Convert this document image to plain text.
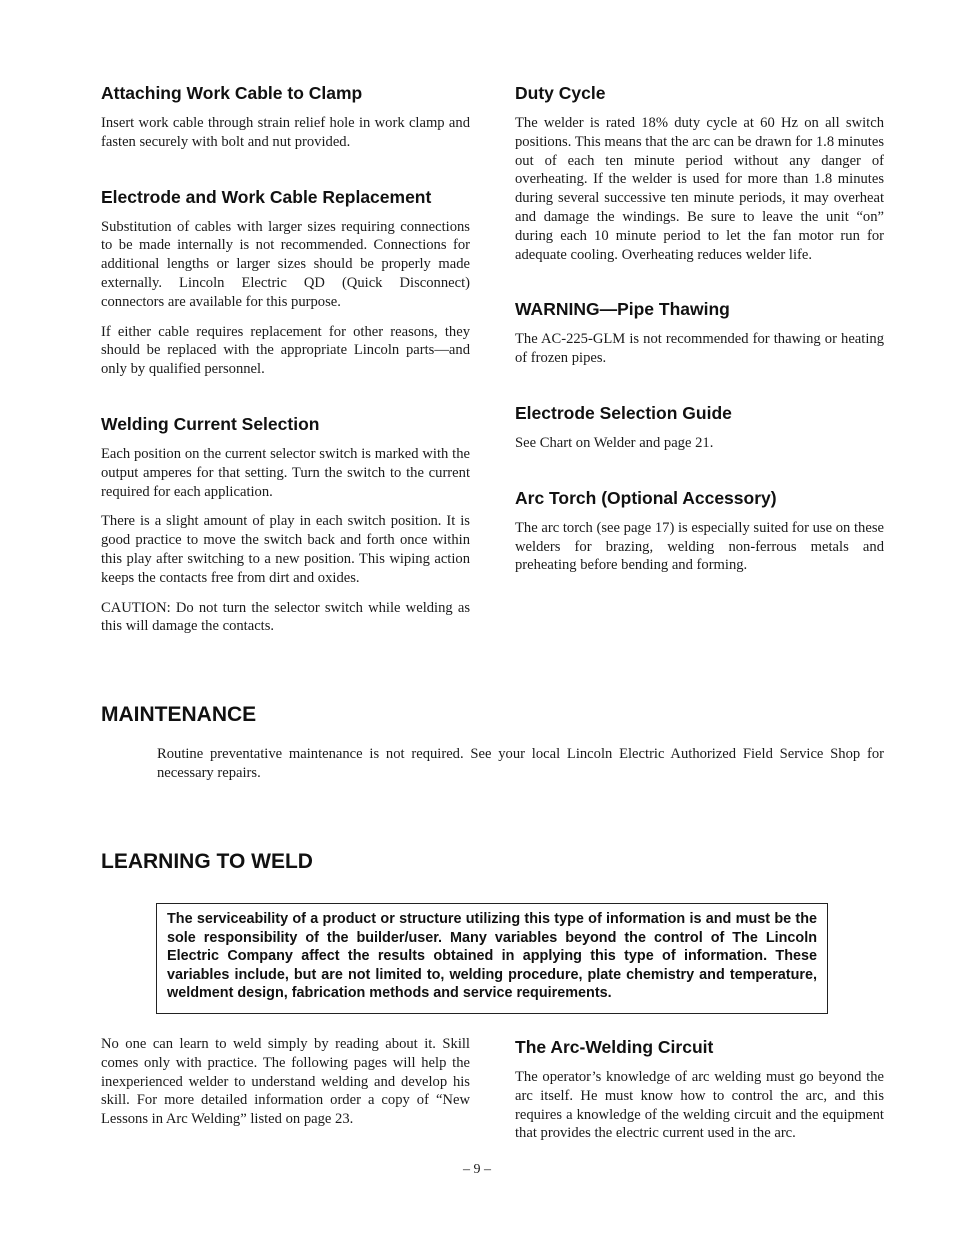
Attaching Work Cable to Clamp

Insert work cable through strain relief hole in work clamp and fasten securely with bolt and nut provided.

Electrode and Work Cable Replacement

Substitution of cables with larger sizes requiring connections to be made internally is not recommended. Connections for additional lengths or larger sizes should be properly made externally. Lincoln Electric QD (Quick Disconnect) connectors are available for this purpose.

If either cable requires replacement for other reasons, they should be replaced with the appropriate Lincoln parts—and only by qualified personnel.

Welding Current Selection

Each position on the current selector switch is marked with the output amperes for that setting. Turn the switch to the current required for each application.

There is a slight amount of play in each switch position. It is good practice to move the switch back and forth once within this play after switching to a new position. This wiping action keeps the contacts free from dirt and oxides.

CAUTION: Do not turn the selector switch while welding as this will damage the contacts.

Duty Cycle

The welder is rated 18% duty cycle at 60 Hz on all switch positions. This means that the arc can be drawn for 1.8 minutes out of each ten minute period without any danger of overheating. If the welder is used for more than 1.8 minutes during several successive ten minute periods, it may overheat and damage the windings. Be sure to leave the unit “on” during each 10 minute period to let the fan motor run for adequate cooling. Overheating reduces welder life.

WARNING—Pipe Thawing

The AC-225-GLM is not recommended for thawing or heating of frozen pipes.

Electrode Selection Guide

See Chart on Welder and page 21.

Arc Torch (Optional Accessory)

The arc torch (see page 17) is especially suited for use on these welders for brazing, welding non-ferrous metals and preheating before bending and forming.

MAINTENANCE

Routine preventative maintenance is not required. See your local Lincoln Electric Authorized Field Service Shop for necessary repairs.

LEARNING TO WELD
The serviceability of a product or structure utilizing this type of information is and must be the sole responsibility of the builder/user. Many variables beyond the control of The Lincoln Electric Company affect the results obtained in applying this type of information. These variables include, but are not limited to, welding procedure, plate chemistry and temperature, weldment design, fabrication methods and service requirements.

No one can learn to weld simply by reading about it. Skill comes only with practice. The following pages will help the inexperienced welder to understand welding and develop his skill. For more detailed information order a copy of “New Lessons in Arc Welding” listed on page 23.

The Arc-Welding Circuit

The operator’s knowledge of arc welding must go beyond the arc itself. He must know how to control the arc, and this requires a knowledge of the welding circuit and the equipment that provides the electric current used in the arc.

– 9 –
